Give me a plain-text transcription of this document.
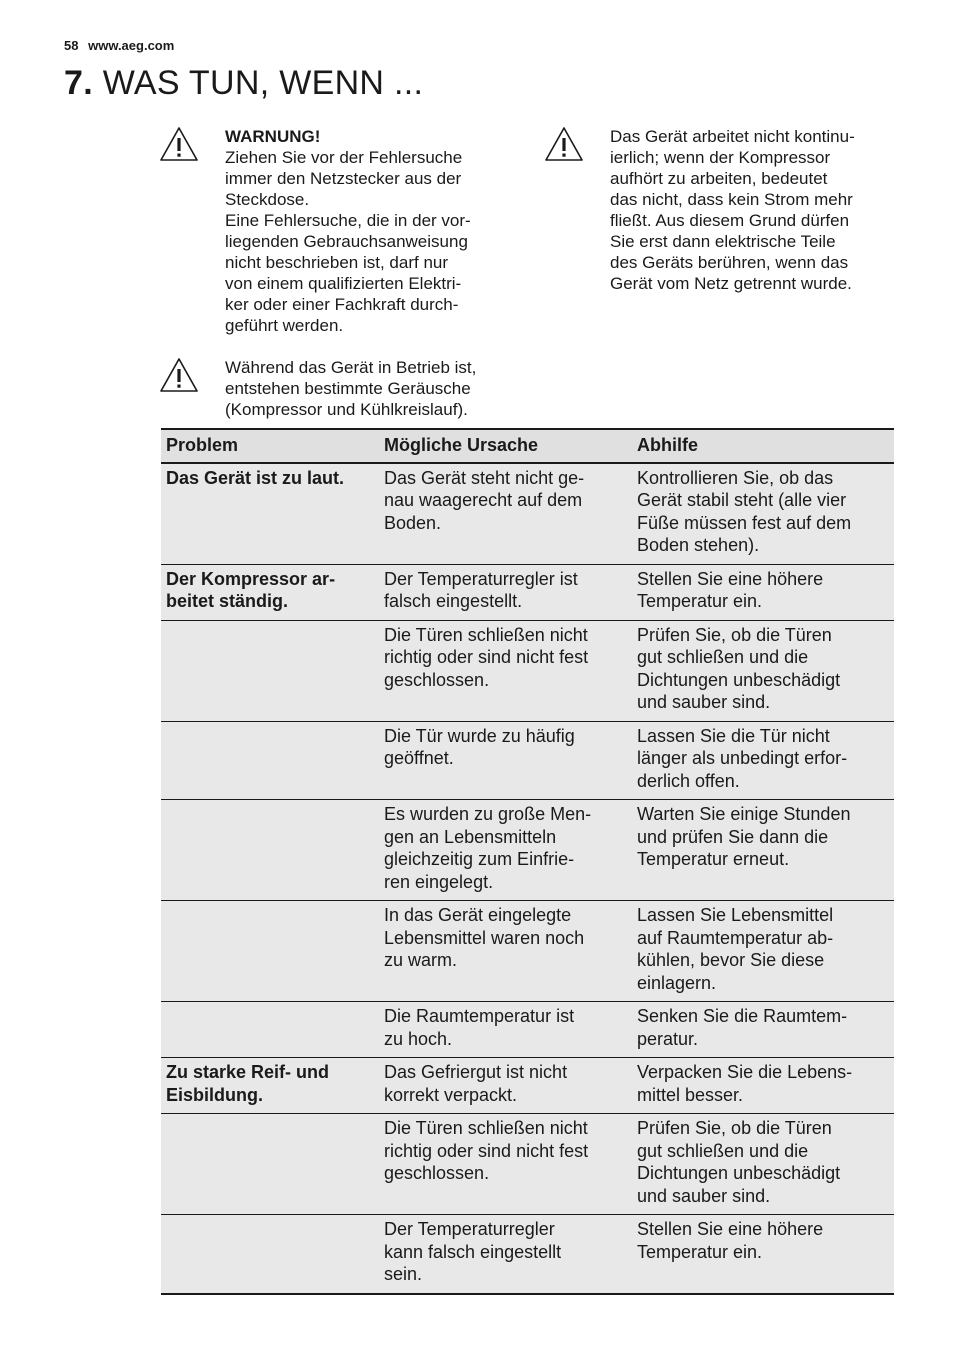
58 www.aeg.com
7. WAS TUN, WENN ...

WARNUNG!

Ziehen Sie vor der Fehlersuche
immer den Netzstecker aus der
Steckdose.
Eine Fehlersuche, die in der vor-
liegenden Gebrauchsanweisung
nicht beschrieben ist, darf nur
von einem qualifizierten Elektri-
ker oder einer Fachkraft durch-
geführt werden.

Das Gerät arbeitet nicht kontinu-
ierlich; wenn der Kompressor
aufhört zu arbeiten, bedeutet
das nicht, dass kein Strom mehr
fließt. Aus diesem Grund dürfen
Sie erst dann elektrische Teile
des Geräts berühren, wenn das
Gerät vom Netz getrennt wurde.

Während das Gerät in Betrieb ist,
entstehen bestimmte Geräusche
(Kompressor und Kühlkreislauf).

Problem	Mögliche Ursache	Abhilfe
Das Gerät ist zu laut.	Das Gerät steht nicht ge-
nau waagerecht auf dem
Boden.	Kontrollieren Sie, ob das
Gerät stabil steht (alle vier
Füße müssen fest auf dem
Boden stehen).
Der Kompressor ar-
beitet ständig.	Der Temperaturregler ist
falsch eingestellt.	Stellen Sie eine höhere
Temperatur ein.
	Die Türen schließen nicht
richtig oder sind nicht fest
geschlossen.	Prüfen Sie, ob die Türen
gut schließen und die
Dichtungen unbeschädigt
und sauber sind.
	Die Tür wurde zu häufig
geöffnet.	Lassen Sie die Tür nicht
länger als unbedingt erfor-
derlich offen.
	Es wurden zu große Men-
gen an Lebensmitteln
gleichzeitig zum Einfrie-
ren eingelegt.	Warten Sie einige Stunden
und prüfen Sie dann die
Temperatur erneut.
	In das Gerät eingelegte
Lebensmittel waren noch
zu warm.	Lassen Sie Lebensmittel
auf Raumtemperatur ab-
kühlen, bevor Sie diese
einlagern.
	Die Raumtemperatur ist
zu hoch.	Senken Sie die Raumtem-
peratur.
Zu starke Reif- und
Eisbildung.	Das Gefriergut ist nicht
korrekt verpackt.	Verpacken Sie die Lebens-
mittel besser.
	Die Türen schließen nicht
richtig oder sind nicht fest
geschlossen.	Prüfen Sie, ob die Türen
gut schließen und die
Dichtungen unbeschädigt
und sauber sind.
	Der Temperaturregler
kann falsch eingestellt
sein.	Stellen Sie eine höhere
Temperatur ein.
